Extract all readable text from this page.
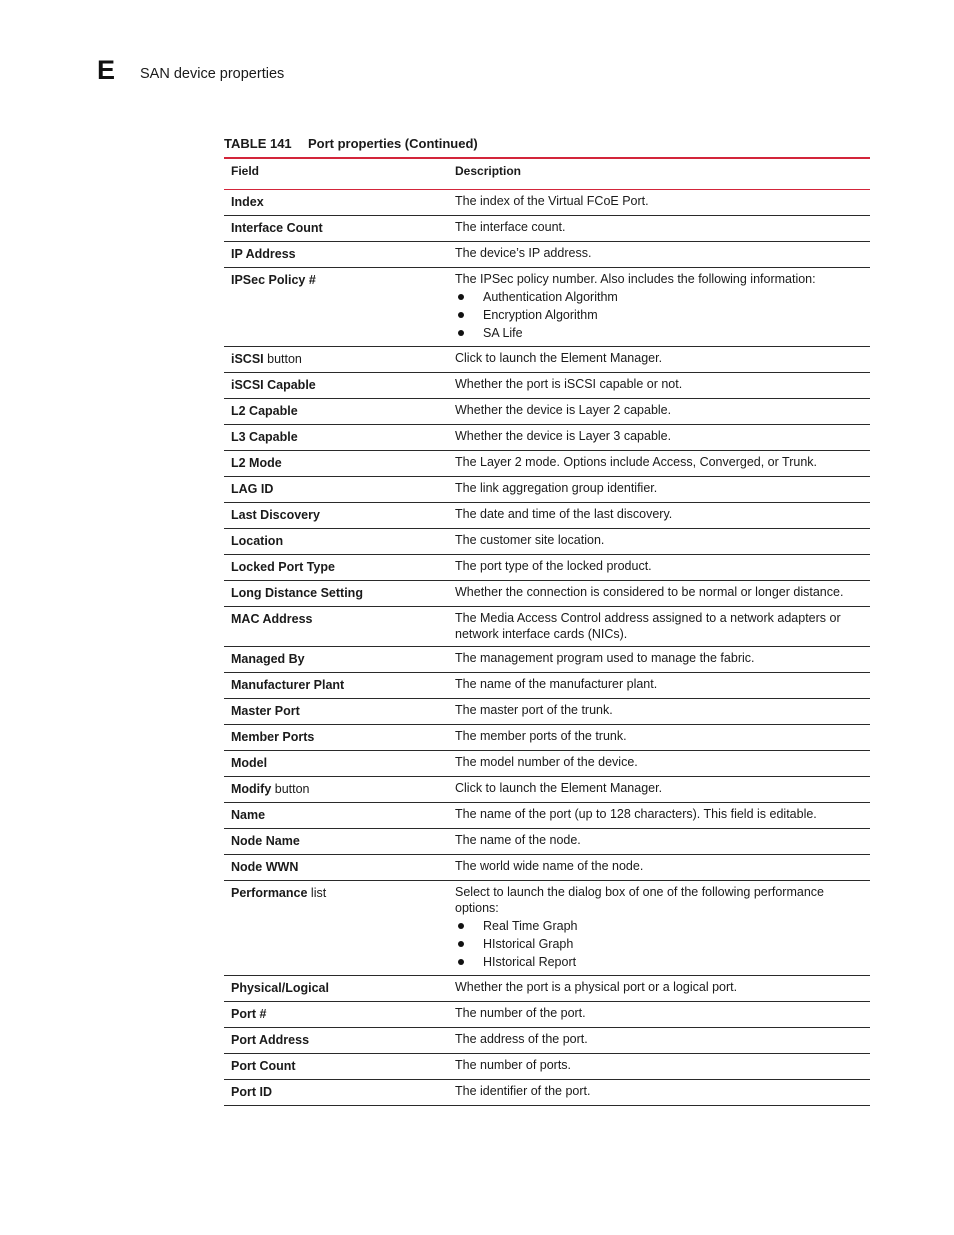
E SAN device properties
TABLE 141 Port properties (Continued)
Field	Description
Index	The index of the Virtual FCoE Port.
Interface Count	The interface count.
IP Address	The device’s IP address.
IPSec Policy #	The IPSec policy number. Also includes the following information:
Authentication Algorithm
Encryption Algorithm
SA Life
iSCSI button	Click to launch the Element Manager.
iSCSI Capable	Whether the port is iSCSI capable or not.
L2 Capable	Whether the device is Layer 2 capable.
L3 Capable	Whether the device is Layer 3 capable.
L2 Mode	The Layer 2 mode. Options include Access, Converged, or Trunk.
LAG ID	The link aggregation group identifier.
Last Discovery	The date and time of the last discovery.
Location	The customer site location.
Locked Port Type	The port type of the locked product.
Long Distance Setting	Whether the connection is considered to be normal or longer distance.
MAC Address	The Media Access Control address assigned to a network adapters or network interface cards (NICs).
Managed By	The management program used to manage the fabric.
Manufacturer Plant	The name of the manufacturer plant.
Master Port	The master port of the trunk.
Member Ports	The member ports of the trunk.
Model	The model number of the device.
Modify button	Click to launch the Element Manager.
Name	The name of the port (up to 128 characters). This field is editable.
Node Name	The name of the node.
Node WWN	The world wide name of the node.
Performance list	Select to launch the dialog box of one of the following performance options:
Real Time Graph
HIstorical Graph
HIstorical Report
Physical/Logical	Whether the port is a physical port or a logical port.
Port #	The number of the port.
Port Address	The address of the port.
Port Count	The number of ports.
Port ID	The identifier of the port.
